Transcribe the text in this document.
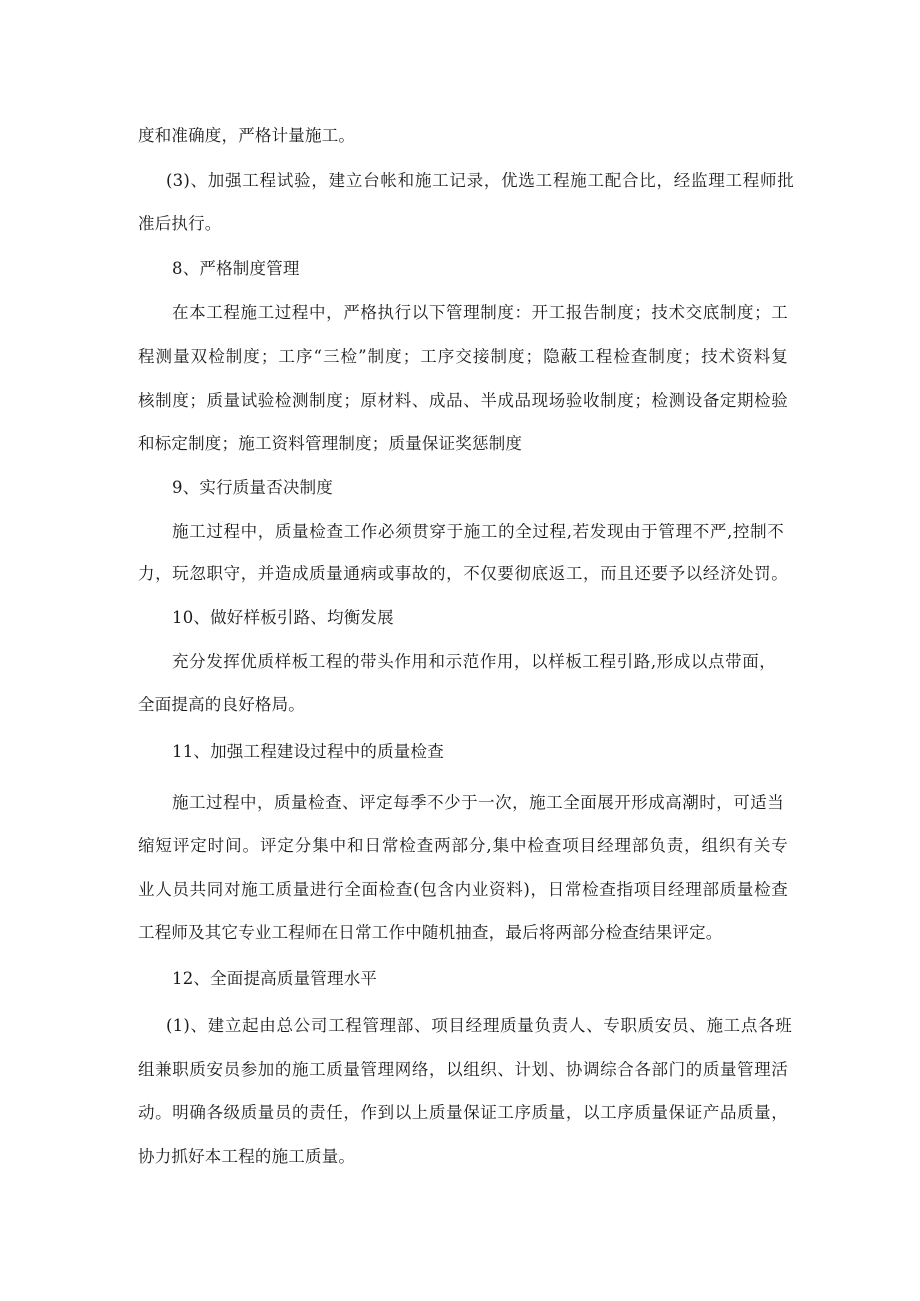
度和准确度，严格计量施工。
(3)、加强工程试验，建立台帐和施工记录，优选工程施工配合比，经监理工程师批
准后执行。
8、严格制度管理
在本工程施工过程中，严格执行以下管理制度：开工报告制度；技术交底制度；工
程测量双检制度；工序“三检”制度；工序交接制度；隐蔽工程检查制度；技术资料复
核制度；质量试验检测制度；原材料、成品、半成品现场验收制度；检测设备定期检验
和标定制度；施工资料管理制度；质量保证奖惩制度
9、实行质量否决制度
施工过程中，质量检查工作必须贯穿于施工的全过程,若发现由于管理不严,控制不
力，玩忽职守，并造成质量通病或事故的，不仅要彻底返工，而且还要予以经济处罚。
10、做好样板引路、均衡发展
充分发挥优质样板工程的带头作用和示范作用，以样板工程引路,形成以点带面，
全面提高的良好格局。
11、加强工程建设过程中的质量检查
施工过程中，质量检查、评定每季不少于一次，施工全面展开形成高潮时，可适当
缩短评定时间。评定分集中和日常检查两部分,集中检查项目经理部负责，组织有关专
业人员共同对施工质量进行全面检查(包含内业资料)，日常检查指项目经理部质量检查
工程师及其它专业工程师在日常工作中随机抽查，最后将两部分检查结果评定。
12、全面提高质量管理水平
(1)、建立起由总公司工程管理部、项目经理质量负责人、专职质安员、施工点各班
组兼职质安员参加的施工质量管理网络，以组织、计划、协调综合各部门的质量管理活
动。明确各级质量员的责任，作到以上质量保证工序质量，以工序质量保证产品质量，
协力抓好本工程的施工质量。
